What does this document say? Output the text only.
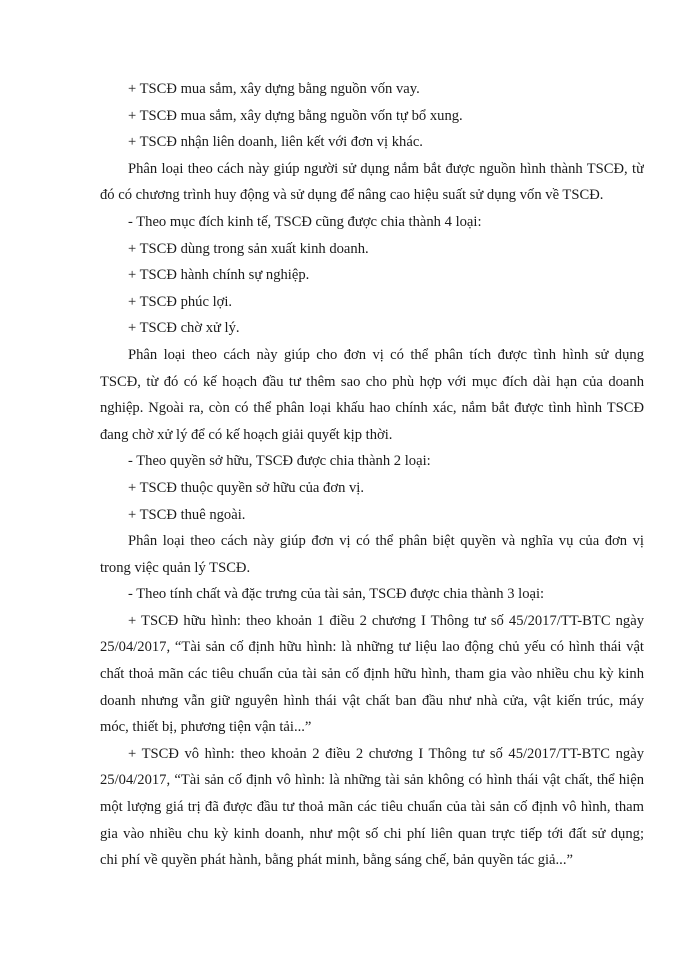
+ TSCĐ mua sắm, xây dựng bằng nguồn vốn vay.
+ TSCĐ mua sắm, xây dựng bằng nguồn vốn tự bổ xung.
+ TSCĐ nhận liên doanh, liên kết với đơn vị khác.
Phân loại theo cách này giúp người sử dụng nắm bắt được nguồn hình thành TSCĐ, từ
đó có chương trình huy động và sử dụng để nâng cao hiệu suất sử dụng vốn về TSCĐ.
- Theo mục đích kinh tế, TSCĐ cũng được chia thành 4 loại:
+ TSCĐ dùng trong sản xuất kinh doanh.
+ TSCĐ hành chính sự nghiệp.
+ TSCĐ phúc lợi.
+ TSCĐ chờ xử lý.
Phân loại theo cách này giúp cho đơn vị có thể phân tích được tình hình sử dụng
TSCĐ, từ đó có kế hoạch đầu tư thêm sao cho phù hợp với mục đích dài hạn của doanh
nghiệp. Ngoài ra, còn có thể phân loại khấu hao chính xác, nắm bắt được tình hình TSCĐ
đang chờ xử lý để có kế hoạch giải quyết kịp thời.
- Theo quyền sở hữu, TSCĐ được chia thành 2 loại:
+ TSCĐ thuộc quyền sở hữu của đơn vị.
+ TSCĐ thuê ngoài.
Phân loại theo cách này giúp đơn vị có thể phân biệt quyền và nghĩa vụ của đơn vị
trong việc quản lý TSCĐ.
- Theo tính chất và đặc trưng của tài sản, TSCĐ được chia thành 3 loại:
+ TSCĐ hữu hình: theo khoản 1 điều 2 chương I Thông tư số 45/2017/TT-BTC ngày
25/04/2017, “Tài sản cố định hữu hình: là những tư liệu lao động chủ yếu có hình thái vật
chất thoả mãn các tiêu chuẩn của tài sản cố định hữu hình, tham gia vào nhiều chu kỳ kinh
doanh nhưng vẫn giữ nguyên hình thái vật chất ban đầu như nhà cửa, vật kiến trúc, máy
móc, thiết bị, phương tiện vận tải...”
+ TSCĐ vô hình: theo khoản 2 điều 2 chương I Thông tư số 45/2017/TT-BTC ngày
25/04/2017, “Tài sản cố định vô hình: là những tài sản không có hình thái vật chất, thể hiện
một lượng giá trị đã được đầu tư thoả mãn các tiêu chuẩn của tài sản cố định vô hình, tham
gia vào nhiều chu kỳ kinh doanh, như một số chi phí liên quan trực tiếp tới đất sử dụng;
chi phí về quyền phát hành, bằng phát minh, bằng sáng chế, bản quyền tác giả...”
